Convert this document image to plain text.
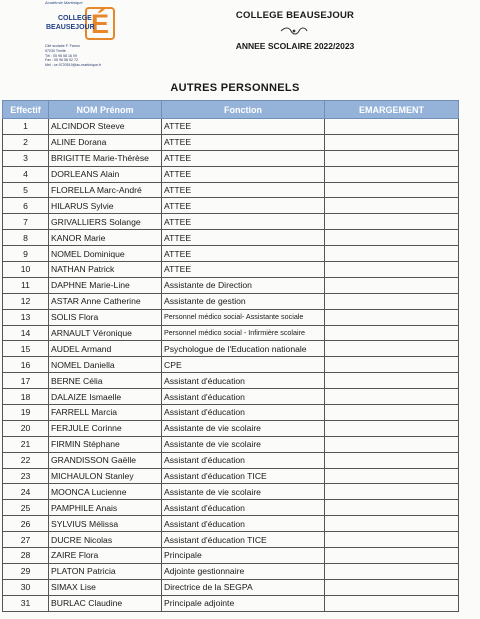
Académie Martinique
É
COLLEGE
BEAUSEJOUR
Cité scolaire F. Fanon
97230 Trinité
Tél : 05 96 58 16 09
Fax : 05 96 58 52 72
Mél : ce.9720519@ac-martinique.fr
COLLEGE BEAUSEJOUR
ANNEE SCOLAIRE 2022/2023
AUTRES PERSONNELS
Effectif	NOM Prénom	Fonction	EMARGEMENT
1	ALCINDOR Steeve	ATTEE	
2	ALINE Dorana	ATTEE	
3	BRIGITTE Marie-Thérèse	ATTEE	
4	DORLEANS Alain	ATTEE	
5	FLORELLA Marc-André	ATTEE	
6	HILARUS Sylvie	ATTEE	
7	GRIVALLIERS Solange	ATTEE	
8	KANOR Marie	ATTEE	
9	NOMEL Dominique	ATTEE	
10	NATHAN Patrick	ATTEE	
11	DAPHNE Marie-Line	Assistante de Direction	
12	ASTAR Anne Catherine	Assistante de gestion	
13	SOLIS Flora	Personnel médico social- Assistante sociale	
14	ARNAULT Véronique	Personnel médico social - Infirmière scolaire	
15	AUDEL Armand	Psychologue de l'Education nationale	
16	NOMEL Daniella	CPE	
17	BERNE Célia	Assistant d'éducation	
18	DALAIZE Ismaelle	Assistant d'éducation	
19	FARRELL Marcia	Assistant d'éducation	
20	FERJULE Corinne	Assistante de vie scolaire	
21	FIRMIN Stéphane	Assistante de vie scolaire	
22	GRANDISSON Gaëlle	Assistant d'éducation	
23	MICHAULON Stanley	Assistant d'éducation TICE	
24	MOONCA Lucienne	Assistante de vie scolaire	
25	PAMPHILE Anais	Assistant d'éducation	
26	SYLVIUS Mélissa	Assistant d'éducation	
27	DUCRE Nicolas	Assistant d'éducation TICE	
28	ZAIRE Flora	Principale	
29	PLATON Patricia	Adjointe gestionnaire	
30	SIMAX Lise	Directrice de la SEGPA	
31	BURLAC Claudine	Principale adjointe	
